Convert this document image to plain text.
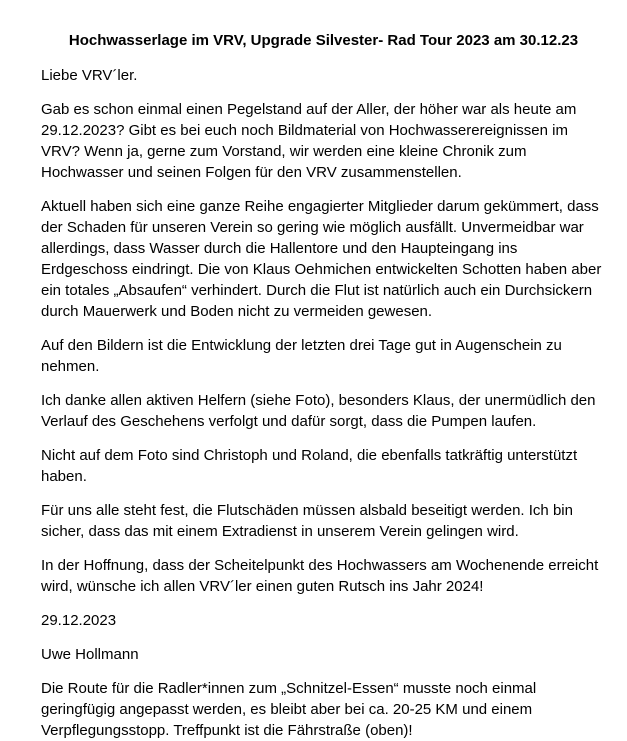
Hochwasserlage im VRV, Upgrade Silvester- Rad Tour 2023 am 30.12.23

Liebe VRV´ler.

Gab es schon einmal einen Pegelstand auf der Aller, der höher war als heute am 29.12.2023? Gibt es bei euch noch Bildmaterial von Hochwasserereignissen im VRV? Wenn ja, gerne zum Vorstand, wir werden eine kleine Chronik zum Hochwasser und seinen Folgen für den VRV zusammenstellen.

Aktuell haben sich eine ganze Reihe engagierter Mitglieder darum gekümmert, dass der Schaden für unseren Verein so gering wie möglich ausfällt. Unvermeidbar war allerdings, dass Wasser durch die Hallentore und den Haupteingang ins Erdgeschoss eindringt. Die von Klaus Oehmichen entwickelten Schotten haben aber ein totales „Absaufen“ verhindert. Durch die Flut ist natürlich auch ein Durchsickern durch Mauerwerk und Boden nicht zu vermeiden gewesen.

Auf den Bildern ist die Entwicklung der letzten drei Tage gut in Augenschein zu nehmen.

Ich danke allen aktiven Helfern (siehe Foto), besonders Klaus, der unermüdlich den Verlauf des Geschehens verfolgt und dafür sorgt, dass die Pumpen laufen.

Nicht auf dem Foto sind Christoph und Roland, die ebenfalls tatkräftig unterstützt haben.

Für uns alle steht fest, die Flutschäden müssen alsbald beseitigt werden. Ich bin sicher, dass das mit einem Extradienst in unserem Verein gelingen wird.

In der Hoffnung, dass der Scheitelpunkt des Hochwassers am Wochenende erreicht wird, wünsche ich allen VRV´ler einen guten Rutsch ins Jahr 2024!

29.12.2023

Uwe Hollmann

Die Route für die Radler*innen zum „Schnitzel-Essen“ musste noch einmal geringfügig angepasst werden, es bleibt aber bei ca. 20-25 KM und einem Verpflegungsstopp. Treffpunkt ist die Fährstraße (oben)!
